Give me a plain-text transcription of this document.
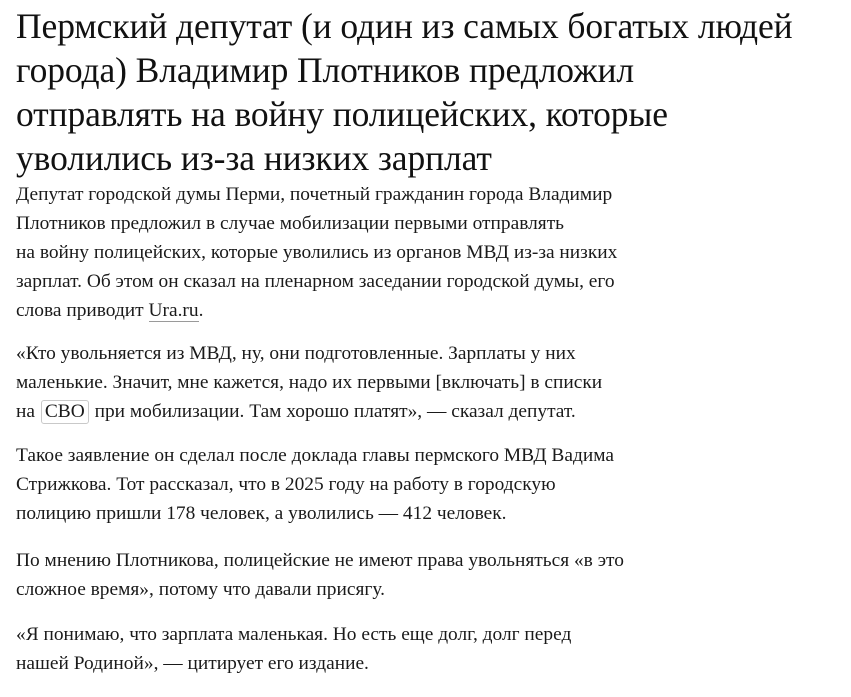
Пермский депутат (и один из самых богатых людей
города) Владимир Плотников предложил
отправлять на войну полицейских, которые
уволились из-за низких зарплат

Депутат городской думы Перми, почетный гражданин города Владимир
Плотников предложил в случае мобилизации первыми отправлять
на войну полицейских, которые уволились из органов МВД из-за низких
зарплат. Об этом он сказал на пленарном заседании городской думы, его
слова приводит Ura.ru.

«Кто увольняется из МВД, ну, они подготовленные. Зарплаты у них
маленькие. Значит, мне кажется, надо их первыми [включать] в списки
на СВО при мобилизации. Там хорошо платят», — сказал депутат.

Такое заявление он сделал после доклада главы пермского МВД Вадима
Стрижкова. Тот рассказал, что в 2025 году на работу в городскую
полицию пришли 178 человек, а уволились — 412 человек.

По мнению Плотникова, полицейские не имеют права увольняться «в это
сложное время», потому что давали присягу.

«Я понимаю, что зарплата маленькая. Но есть еще долг, долг перед
нашей Родиной», — цитирует его издание.
